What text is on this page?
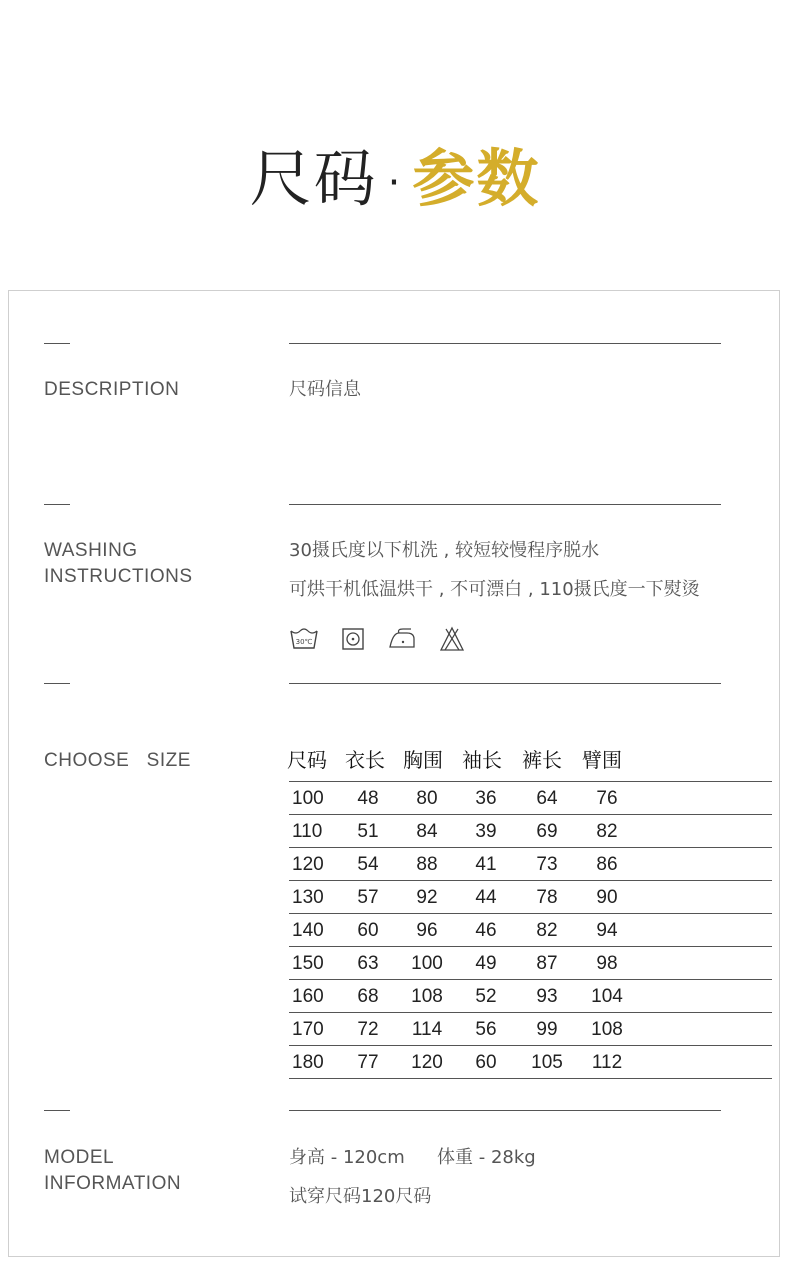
尺码 · 参数
DESCRIPTION	尺码信息
WASHING
INSTRUCTIONS
30摄氏度以下机洗 , 较短较慢程序脱水
可烘干机低温烘干 , 不可漂白 , 110摄氏度一下熨烫
30℃
CHOOSE   SIZE	尺码 衣长 胸围 袖长	裤长	臂围
100	48	80	36	64	76	
110	51	84	39	69	82	
120	54	88	41	73	86	
130	57	92	44	78	90	
140	60	96	46	82	94	
150	63	100	49	87	98	
160	68	108	52	93	104	
170	72	114	56	99	108	
180	77	120	60	105	112	
MODEL
INFORMATION
身高 - 120cm 体重 - 28kg
试穿尺码120尺码
